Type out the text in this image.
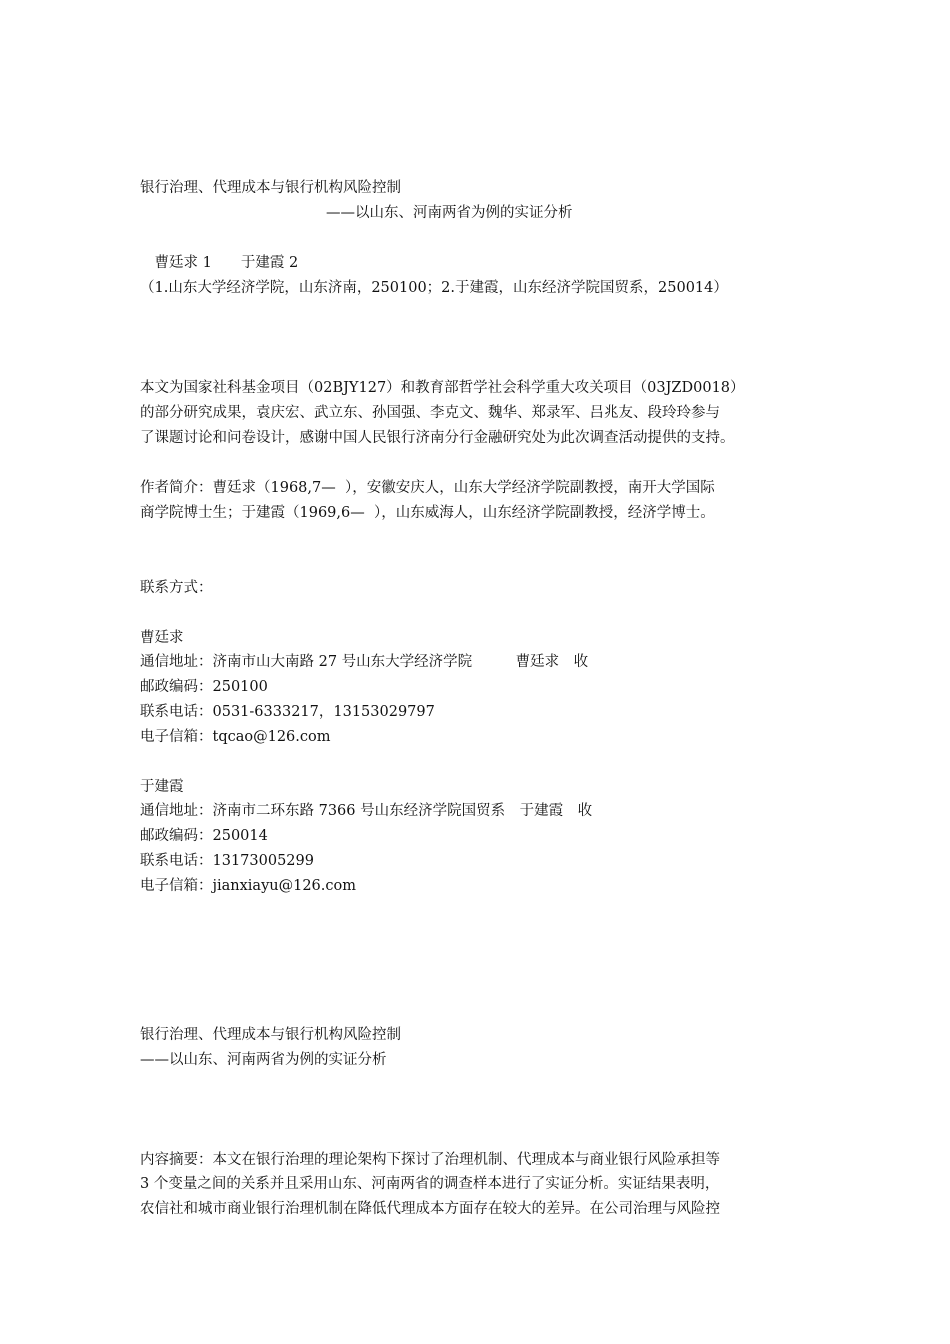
银行治理、代理成本与银行机构风险控制
——以山东、河南两省为例的实证分析
　曹廷求 1　　于建霞 2
（1.山东大学经济学院，山东济南，250100；2.于建霞，山东经济学院国贸系，250014）
本文为国家社科基金项目（02BJY127）和教育部哲学社会科学重大攻关项目（03JZD0018）
的部分研究成果，袁庆宏、武立东、孙国强、李克文、魏华、郑录军、吕兆友、段玲玲参与
了课题讨论和问卷设计，感谢中国人民银行济南分行金融研究处为此次调查活动提供的支持。
作者简介：曹廷求（1968,7—  ），安徽安庆人，山东大学经济学院副教授，南开大学国际
商学院博士生；于建霞（1969,6—  ），山东威海人，山东经济学院副教授，经济学博士。
联系方式：
曹廷求
通信地址：济南市山大南路 27 号山东大学经济学院　　　曹廷求　收
邮政编码：250100
联系电话：0531-6333217，13153029797
电子信箱：tqcao@126.com
于建霞
通信地址：济南市二环东路 7366 号山东经济学院国贸系　于建霞　收
邮政编码：250014
联系电话：13173005299
电子信箱：jianxiayu@126.com
银行治理、代理成本与银行机构风险控制
——以山东、河南两省为例的实证分析
内容摘要：本文在银行治理的理论架构下探讨了治理机制、代理成本与商业银行风险承担等
3 个变量之间的关系并且采用山东、河南两省的调查样本进行了实证分析。实证结果表明，
农信社和城市商业银行治理机制在降低代理成本方面存在较大的差异。在公司治理与风险控
